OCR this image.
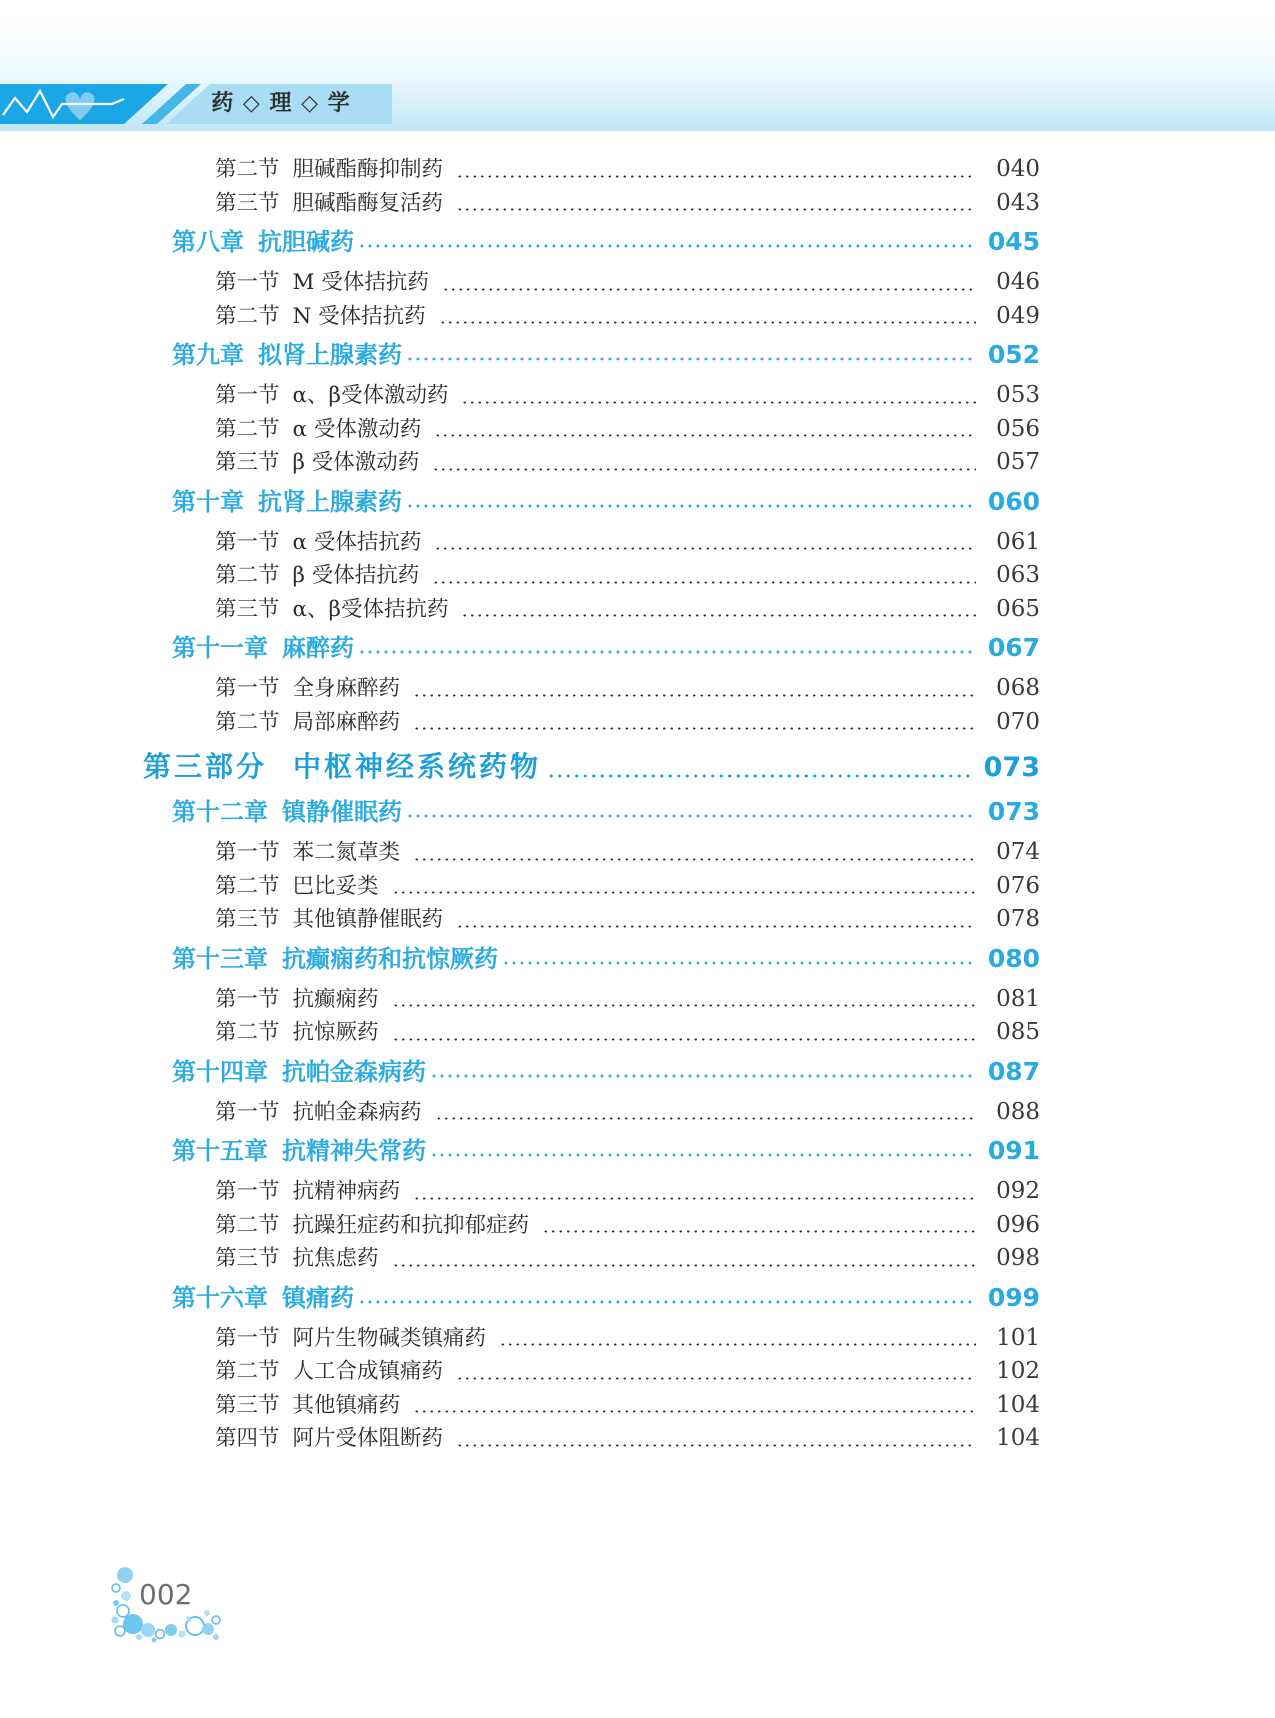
药 ◇ 理 ◇ 学
第二节 胆碱酯酶抑制药	040
第三节 胆碱酯酶复活药	043
第八章 抗胆碱药	045
第一节 M 受体拮抗药	046
第二节 N 受体拮抗药	049
第九章 拟肾上腺素药	052
第一节 α、β受体激动药	053
第二节 α 受体激动药	056
第三节 β 受体激动药	057
第十章 抗肾上腺素药	060
第一节 α 受体拮抗药	061
第二节 β 受体拮抗药	063
第三节 α、β受体拮抗药	065
第十一章 麻醉药	067
第一节 全身麻醉药	068
第二节 局部麻醉药	070
第三部分 中枢神经系统药物	073
第十二章 镇静催眠药	073
第一节 苯二氮䓬类	074
第二节 巴比妥类	076
第三节 其他镇静催眠药	078
第十三章 抗癫痫药和抗惊厥药	080
第一节 抗癫痫药	081
第二节 抗惊厥药	085
第十四章 抗帕金森病药	087
第一节 抗帕金森病药	088
第十五章 抗精神失常药	091
第一节 抗精神病药	092
第二节 抗躁狂症药和抗抑郁症药	096
第三节 抗焦虑药	098
第十六章 镇痛药	099
第一节 阿片生物碱类镇痛药	101
第二节 人工合成镇痛药	102
第三节 其他镇痛药	104
第四节 阿片受体阻断药	104
002
